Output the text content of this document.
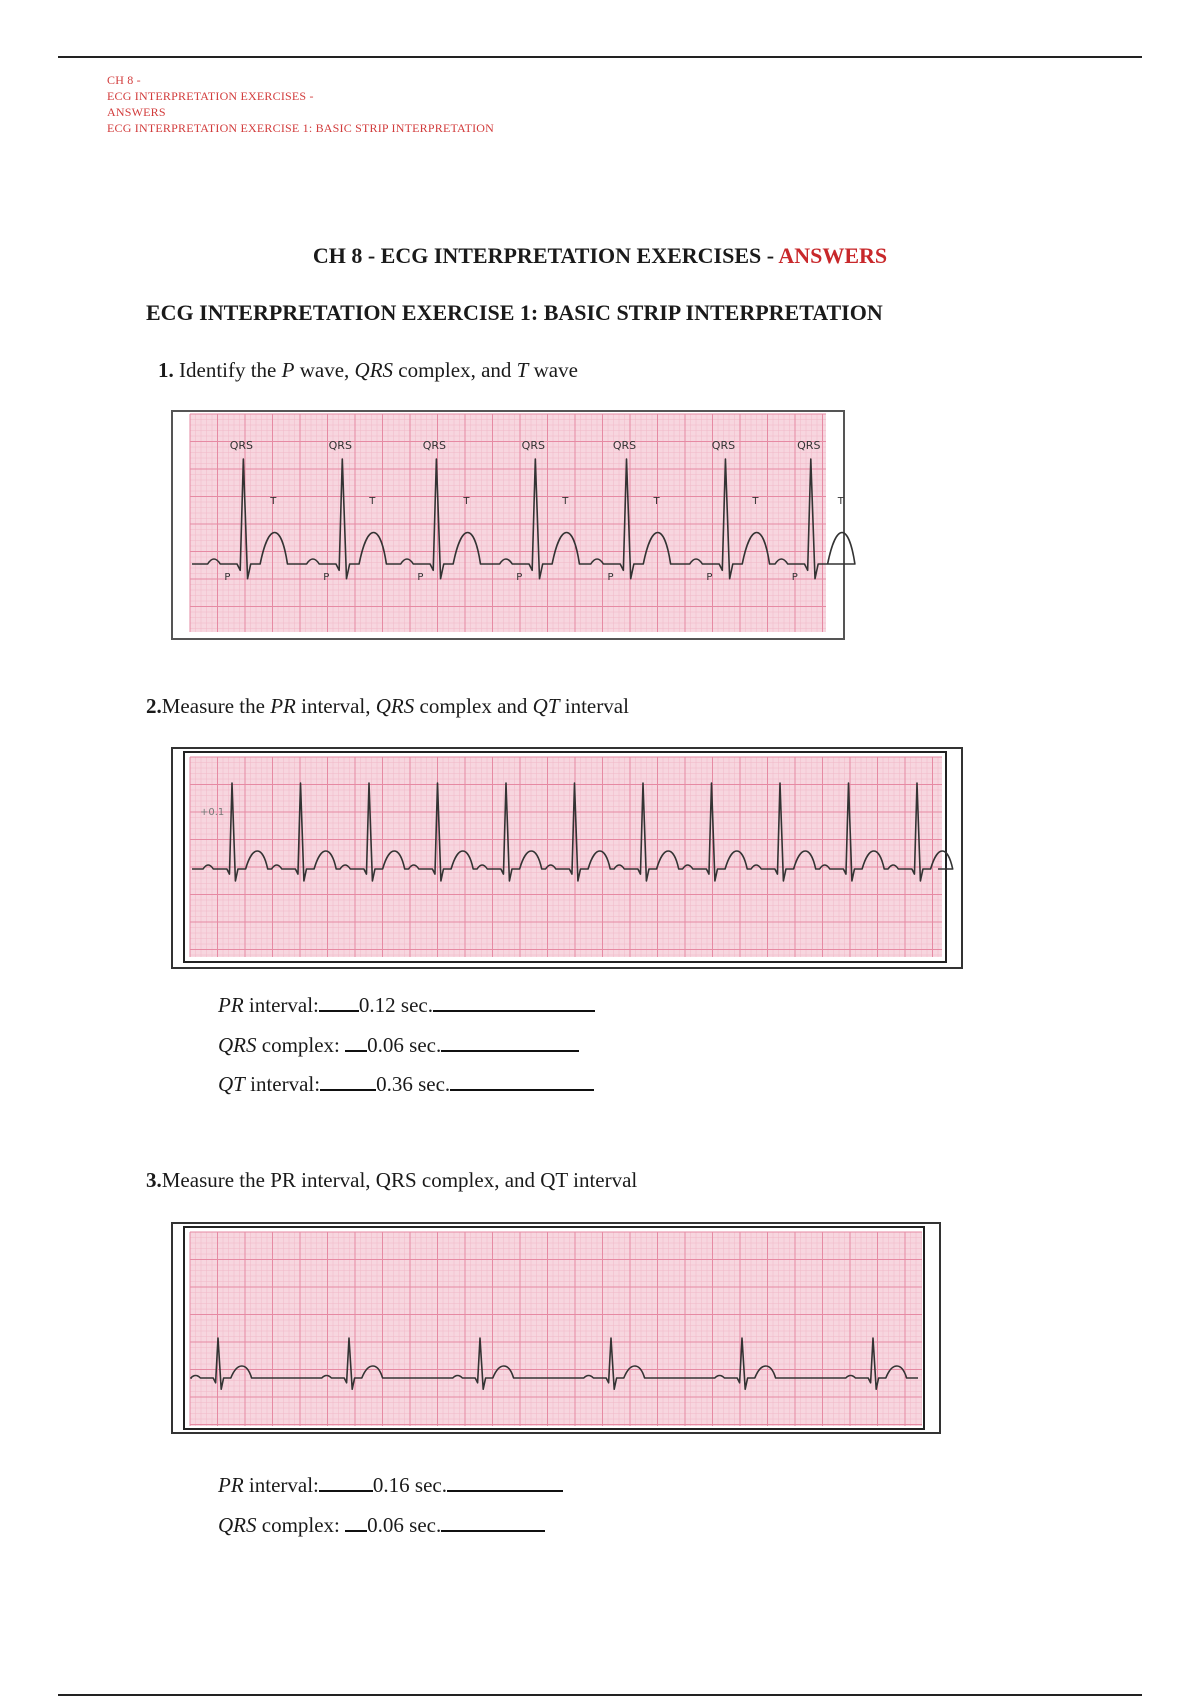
CH 8 -
ECG INTERPRETATION EXERCISES -
ANSWERS
ECG INTERPRETATION EXERCISE 1: BASIC STRIP INTERPRETATION
CH 8 - ECG INTERPRETATION EXERCISES - ANSWERS
ECG INTERPRETATION EXERCISE 1: BASIC STRIP INTERPRETATION
1. Identify the P wave, QRS complex, and T wave
QRS
T
P
QRS
T
P
QRS
T
P
QRS
T
P
QRS
T
P
QRS
T
P
QRS
T
P
2.Measure the PR interval, QRS complex and QT interval
+0.1
PR interval: 0.12 sec.
QRS complex: 0.06 sec.
QT interval:	0.36 sec.
3.Measure the PR interval, QRS complex, and QT interval
PR interval:	0.16 sec.
QRS complex: 0.06 sec.
